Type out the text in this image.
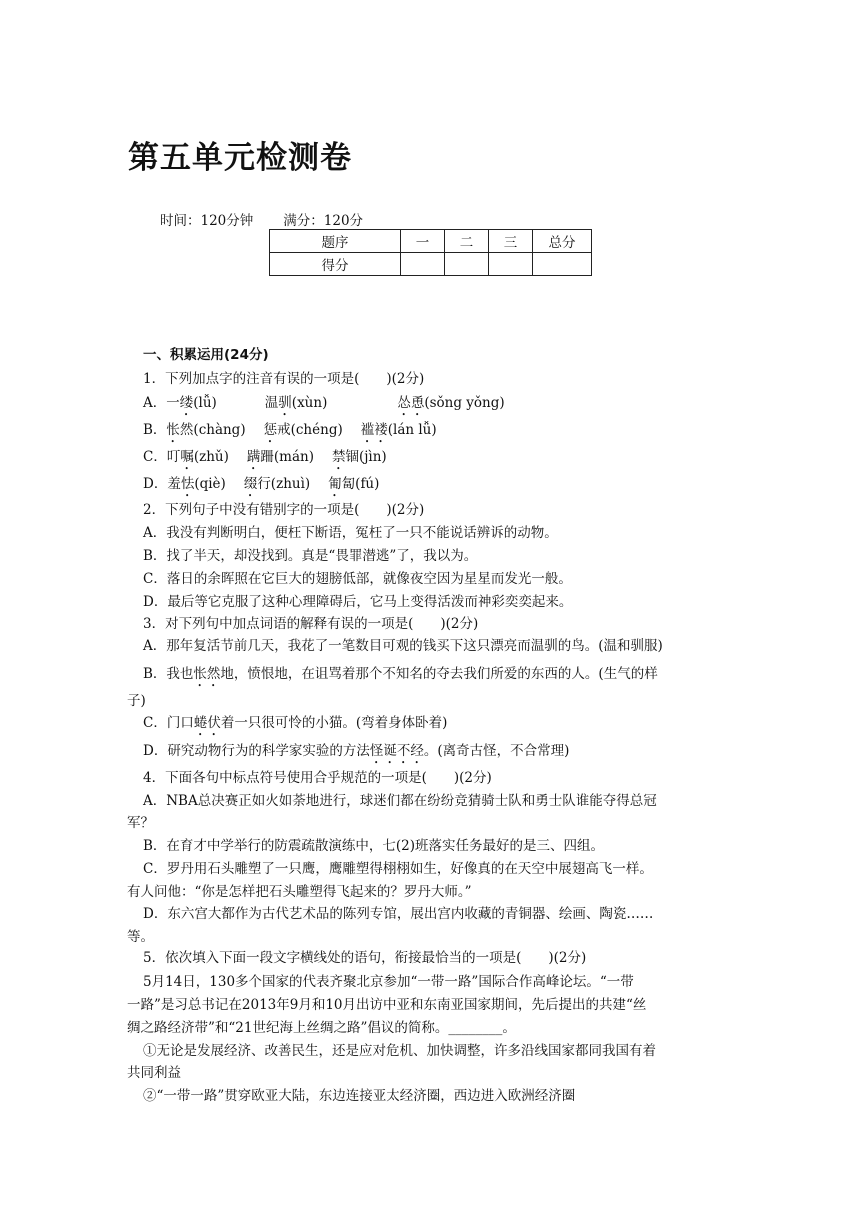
第五单元检测卷
时间：120分钟 满分：120分
题序	一	二	三	总分
得分				
一、积累运用(24分)
1．下列加点字的注音有误的一项是(　　)(2分)
A．一缕(lǚ)	温驯(xùn)	怂恿(sǒng yǒng)
B．怅然(chàng) 惩戒(chéng) 褴褛(lán lǚ)
C．叮嘱(zhǔ) 蹒跚(mán) 禁锢(jìn)
D．羞怯(qiè) 缀行(zhuì) 匍匐(fú)
2．下列句子中没有错别字的一项是(　　)(2分)
A．我没有判断明白，便枉下断语，冤枉了一只不能说话辨诉的动物。
B．找了半天，却没找到。真是“畏罪潜逃”了，我以为。
C．落日的余晖照在它巨大的翅膀低部，就像夜空因为星星而发光一般。
D．最后等它克服了这种心理障碍后，它马上变得活泼而神彩奕奕起来。
3．对下列句中加点词语的解释有误的一项是(　　)(2分)
A．那年复活节前几天，我花了一笔数目可观的钱买下这只漂亮而温驯的鸟。(温和驯服)
B．我也怅然地，愤恨地，在诅骂着那个不知名的夺去我们所爱的东西的人。(生气的样
子)
C．门口蜷伏着一只很可怜的小猫。(弯着身体卧着)
D．研究动物行为的科学家实验的方法怪诞不经。(离奇古怪，不合常理)
4．下面各句中标点符号使用合乎规范的一项是(　　)(2分)
A．NBA总决赛正如火如荼地进行，球迷们都在纷纷竞猜骑士队和勇士队谁能夺得总冠
军？
B．在育才中学举行的防震疏散演练中，七(2)班落实任务最好的是三、四组。
C．罗丹用石头雕塑了一只鹰，鹰雕塑得栩栩如生，好像真的在天空中展翅高飞一样。
有人问他：“你是怎样把石头雕塑得飞起来的？罗丹大师。”
D．东六宫大都作为古代艺术品的陈列专馆，展出宫内收藏的青铜器、绘画、陶瓷……
等。
5．依次填入下面一段文字横线处的语句，衔接最恰当的一项是(　　)(2分)
5月14日，130多个国家的代表齐聚北京参加“一带一路”国际合作高峰论坛。“一带
一路”是习总书记在2013年9月和10月出访中亚和东南亚国家期间，先后提出的共建“丝
绸之路经济带”和“21世纪海上丝绸之路”倡议的简称。________。
①无论是发展经济、改善民生，还是应对危机、加快调整，许多沿线国家都同我国有着
共同利益
②“一带一路”贯穿欧亚大陆，东边连接亚太经济圈，西边进入欧洲经济圈
